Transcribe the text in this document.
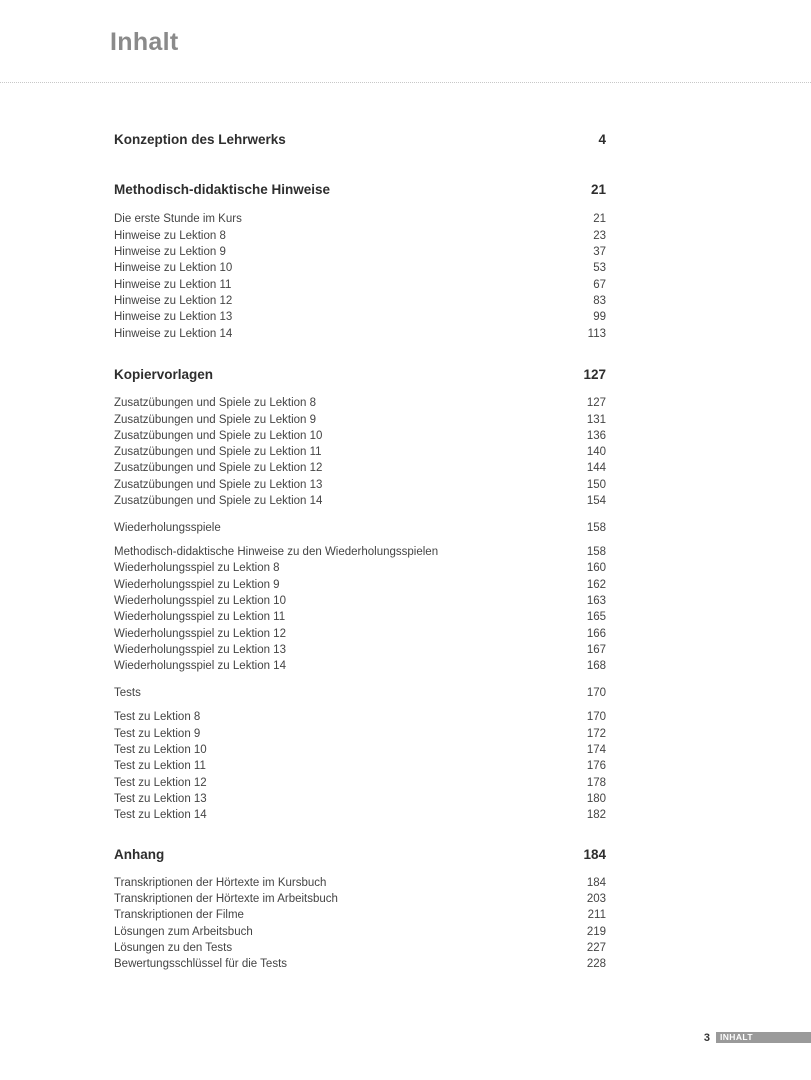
Inhalt
Konzeption des Lehrwerks	4
Methodisch-didaktische Hinweise	21
Die erste Stunde im Kurs	21
Hinweise zu Lektion 8	23
Hinweise zu Lektion 9	37
Hinweise zu Lektion 10	53
Hinweise zu Lektion 11	67
Hinweise zu Lektion 12	83
Hinweise zu Lektion 13	99
Hinweise zu Lektion 14	113
Kopiervorlagen	127
Zusatzübungen und Spiele zu Lektion 8	127
Zusatzübungen und Spiele zu Lektion 9	131
Zusatzübungen und Spiele zu Lektion 10	136
Zusatzübungen und Spiele zu Lektion 11	140
Zusatzübungen und Spiele zu Lektion 12	144
Zusatzübungen und Spiele zu Lektion 13	150
Zusatzübungen und Spiele zu Lektion 14	154
Wiederholungsspiele	158
Methodisch-didaktische Hinweise zu den Wiederholungsspielen	158
Wiederholungsspiel zu Lektion 8	160
Wiederholungsspiel zu Lektion 9	162
Wiederholungsspiel zu Lektion 10	163
Wiederholungsspiel zu Lektion 11	165
Wiederholungsspiel zu Lektion 12	166
Wiederholungsspiel zu Lektion 13	167
Wiederholungsspiel zu Lektion 14	168
Tests	170
Test zu Lektion 8	170
Test zu Lektion 9	172
Test zu Lektion 10	174
Test zu Lektion 11	176
Test zu Lektion 12	178
Test zu Lektion 13	180
Test zu Lektion 14	182
Anhang	184
Transkriptionen der Hörtexte im Kursbuch	184
Transkriptionen der Hörtexte im Arbeitsbuch	203
Transkriptionen der Filme	211
Lösungen zum Arbeitsbuch	219
Lösungen zu den Tests	227
Bewertungsschlüssel für die Tests	228
3	INHALT
